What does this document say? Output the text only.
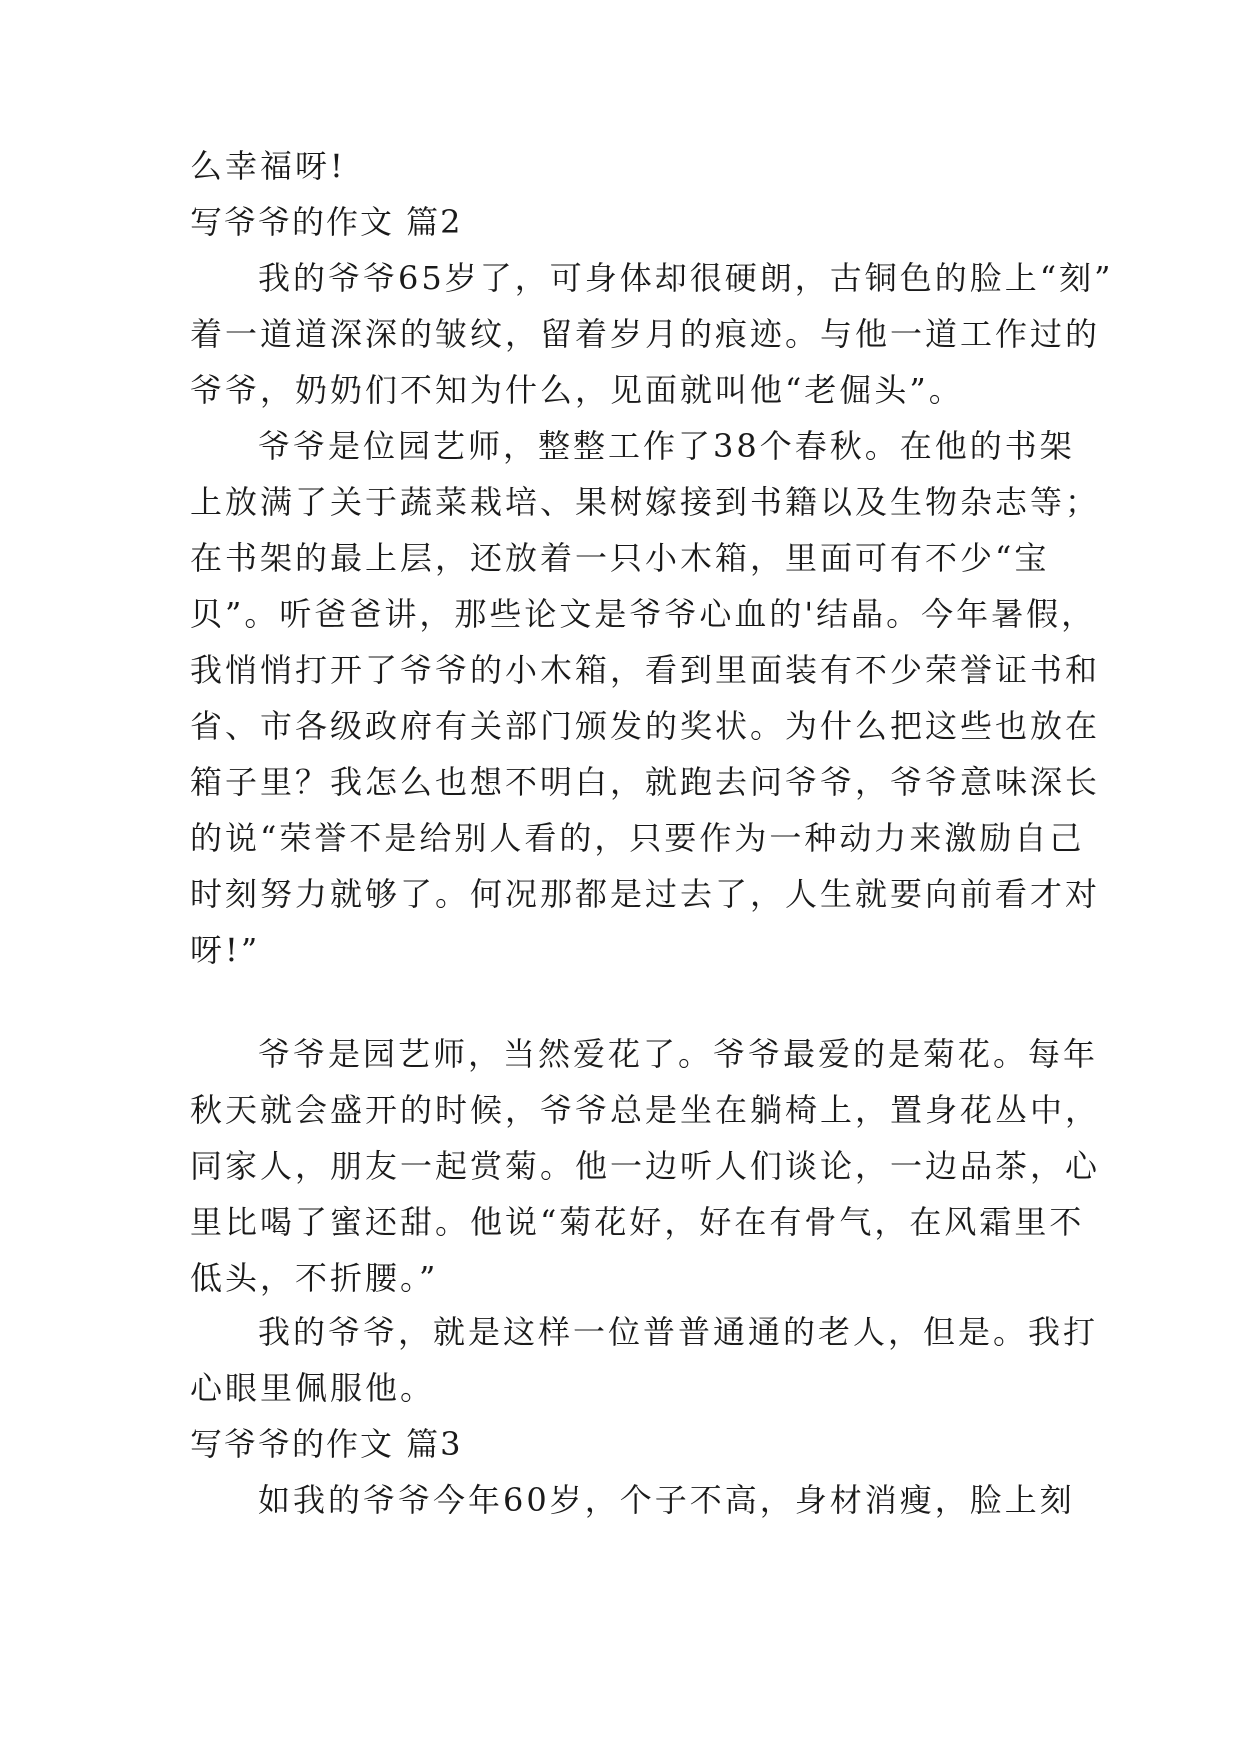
么幸福呀!
写爷爷的作文 篇2
我的爷爷65岁了，可身体却很硬朗，古铜色的脸上“刻”
着一道道深深的皱纹，留着岁月的痕迹。与他一道工作过的
爷爷，奶奶们不知为什么，见面就叫他“老倔头”。
爷爷是位园艺师，整整工作了38个春秋。在他的书架
上放满了关于蔬菜栽培、果树嫁接到书籍以及生物杂志等；
在书架的最上层，还放着一只小木箱，里面可有不少“宝
贝”。听爸爸讲，那些论文是爷爷心血的'结晶。今年暑假，
我悄悄打开了爷爷的小木箱，看到里面装有不少荣誉证书和
省、市各级政府有关部门颁发的奖状。为什么把这些也放在
箱子里？我怎么也想不明白，就跑去问爷爷，爷爷意味深长
的说“荣誉不是给别人看的，只要作为一种动力来激励自己
时刻努力就够了。何况那都是过去了，人生就要向前看才对
呀!”
爷爷是园艺师，当然爱花了。爷爷最爱的是菊花。每年
秋天就会盛开的时候，爷爷总是坐在躺椅上，置身花丛中，
同家人，朋友一起赏菊。他一边听人们谈论，一边品茶，心
里比喝了蜜还甜。他说“菊花好，好在有骨气，在风霜里不
低头，不折腰。”
我的爷爷，就是这样一位普普通通的老人，但是。我打
心眼里佩服他。
写爷爷的作文 篇3
如我的爷爷今年60岁，个子不高，身材消瘦，脸上刻
